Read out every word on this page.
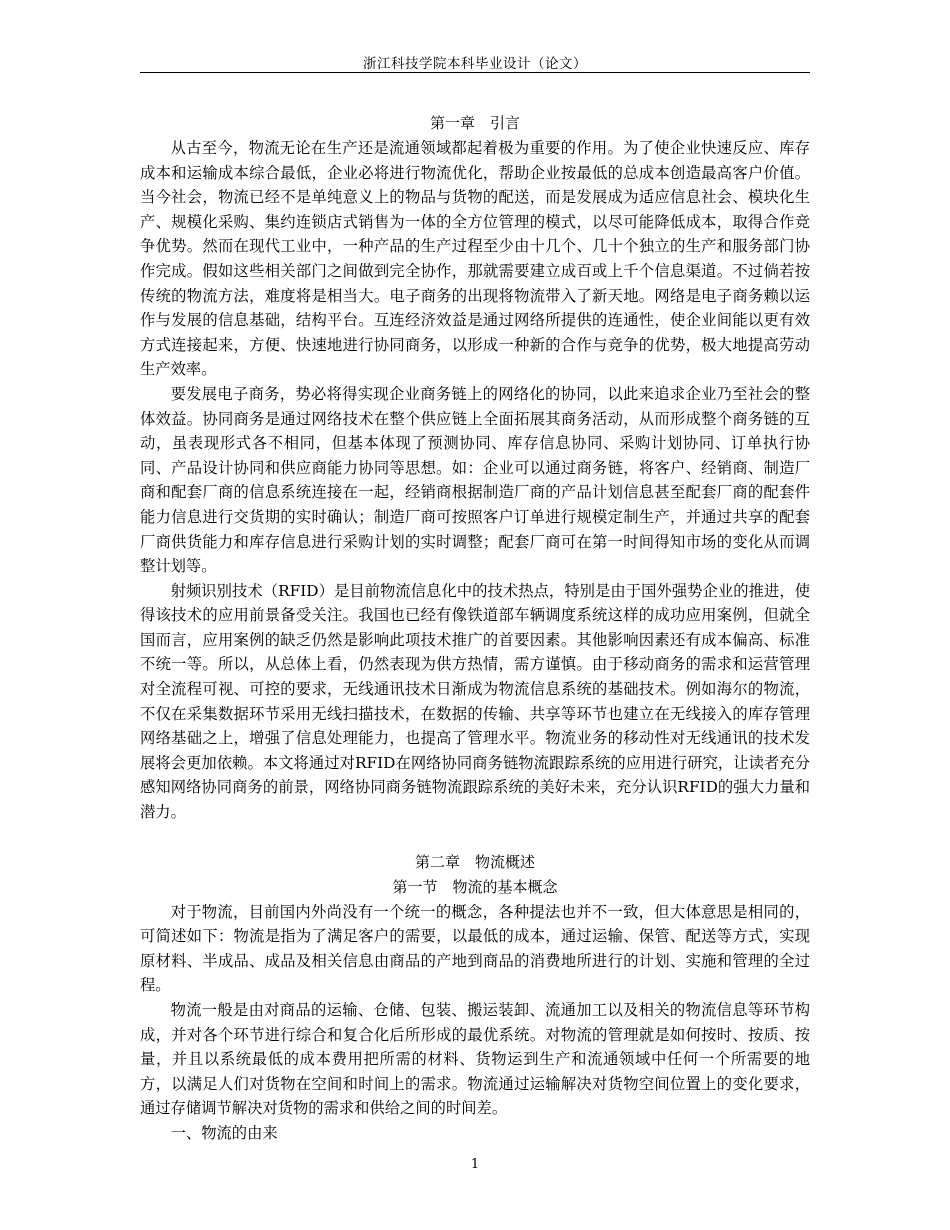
浙江科技学院本科毕业设计（论文）
第一章　引言

从古至今，物流无论在生产还是流通领域都起着极为重要的作用。为了使企业快速反应、库存成本和运输成本综合最低，企业必将进行物流优化，帮助企业按最低的总成本创造最高客户价值。当今社会，物流已经不是单纯意义上的物品与货物的配送，而是发展成为适应信息社会、模块化生产、规模化采购、集约连锁店式销售为一体的全方位管理的模式，以尽可能降低成本，取得合作竞争优势。然而在现代工业中，一种产品的生产过程至少由十几个、几十个独立的生产和服务部门协作完成。假如这些相关部门之间做到完全协作，那就需要建立成百或上千个信息渠道。不过倘若按传统的物流方法，难度将是相当大。电子商务的出现将物流带入了新天地。网络是电子商务赖以运作与发展的信息基础，结构平台。互连经济效益是通过网络所提供的连通性，使企业间能以更有效方式连接起来，方便、快速地进行协同商务，以形成一种新的合作与竞争的优势，极大地提高劳动生产效率。

要发展电子商务，势必将得实现企业商务链上的网络化的协同，以此来追求企业乃至社会的整体效益。协同商务是通过网络技术在整个供应链上全面拓展其商务活动，从而形成整个商务链的互动，虽表现形式各不相同，但基本体现了预测协同、库存信息协同、采购计划协同、订单执行协同、产品设计协同和供应商能力协同等思想。如：企业可以通过商务链，将客户、经销商、制造厂商和配套厂商的信息系统连接在一起，经销商根据制造厂商的产品计划信息甚至配套厂商的配套件能力信息进行交货期的实时确认；制造厂商可按照客户订单进行规模定制生产，并通过共享的配套厂商供货能力和库存信息进行采购计划的实时调整；配套厂商可在第一时间得知市场的变化从而调整计划等。

射频识别技术（RFID）是目前物流信息化中的技术热点，特别是由于国外强势企业的推进，使得该技术的应用前景备受关注。我国也已经有像铁道部车辆调度系统这样的成功应用案例，但就全国而言，应用案例的缺乏仍然是影响此项技术推广的首要因素。其他影响因素还有成本偏高、标准不统一等。所以，从总体上看，仍然表现为供方热情，需方谨慎。由于移动商务的需求和运营管理对全流程可视、可控的要求，无线通讯技术日渐成为物流信息系统的基础技术。例如海尔的物流，不仅在采集数据环节采用无线扫描技术，在数据的传输、共享等环节也建立在无线接入的库存管理网络基础之上，增强了信息处理能力，也提高了管理水平。物流业务的移动性对无线通讯的技术发展将会更加依赖。本文将通过对RFID在网络协同商务链物流跟踪系统的应用进行研究，让读者充分感知网络协同商务的前景，网络协同商务链物流跟踪系统的美好未来，充分认识RFID的强大力量和潜力。

第二章　物流概述
第一节　物流的基本概念

对于物流，目前国内外尚没有一个统一的概念，各种提法也并不一致，但大体意思是相同的，可简述如下：物流是指为了满足客户的需要，以最低的成本，通过运输、保管、配送等方式，实现原材料、半成品、成品及相关信息由商品的产地到商品的消费地所进行的计划、实施和管理的全过程。

物流一般是由对商品的运输、仓储、包装、搬运装卸、流通加工以及相关的物流信息等环节构成，并对各个环节进行综合和复合化后所形成的最优系统。对物流的管理就是如何按时、按质、按量，并且以系统最低的成本费用把所需的材料、货物运到生产和流通领域中任何一个所需要的地方，以满足人们对货物在空间和时间上的需求。物流通过运输解决对货物空间位置上的变化要求，通过存储调节解决对货物的需求和供给之间的时间差。

一、物流的由来

1
